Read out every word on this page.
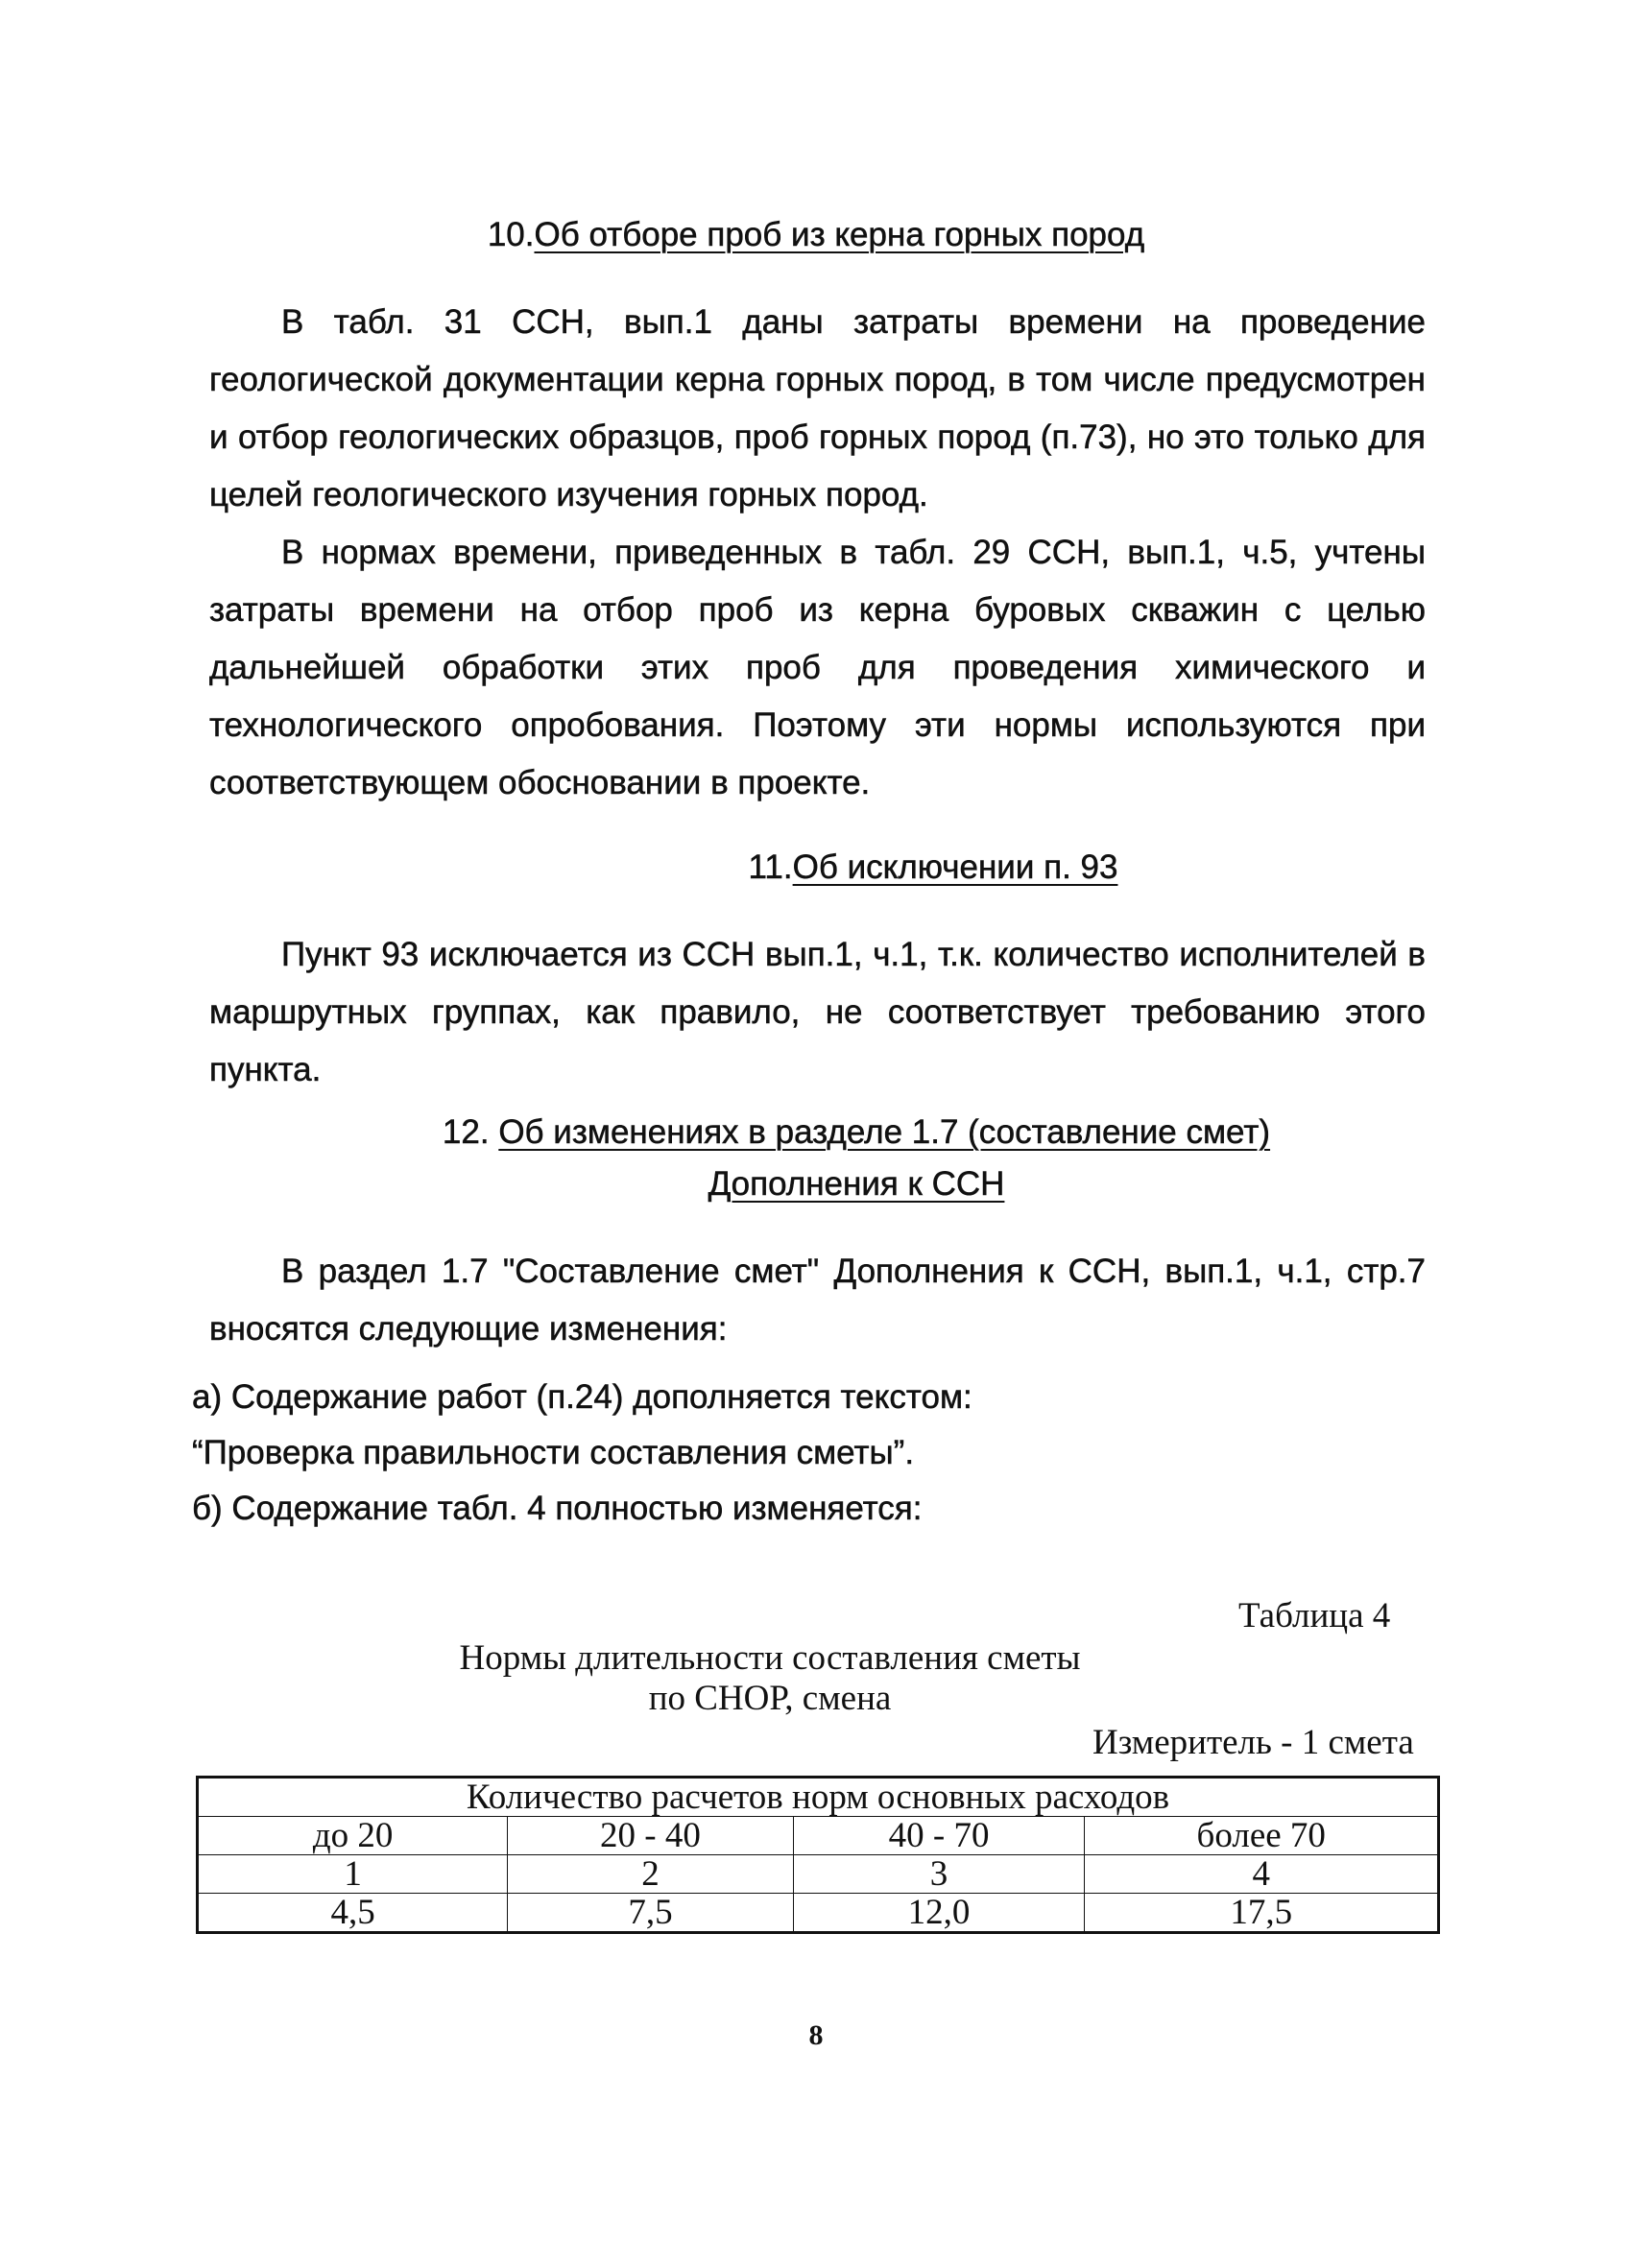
10.Об отборе проб из керна горных пород

В табл. 31 ССН, вып.1 даны затраты времени на проведение геологической документации керна горных пород, в том числе предусмотрен и отбор геологических образцов, проб горных пород (п.73), но это только для целей геологического изучения горных пород.

В нормах времени, приведенных в табл. 29 ССН, вып.1, ч.5, учтены затраты времени на отбор проб из керна буровых скважин с целью дальнейшей обработки этих проб для проведения химического и технологического опробования. Поэтому эти нормы используются при соответствующем обосновании в проекте.

11.Об исключении п. 93

Пункт 93 исключается из ССН вып.1, ч.1, т.к. количество исполнителей в маршрутных группах, как правило, не соответствует требованию этого пункта.

12. Об изменениях в разделе 1.7 (составление смет)
Дополнения к ССН

В раздел 1.7 "Составление смет" Дополнения к ССН, вып.1, ч.1, стр.7 вносятся следующие изменения:

а) Содержание работ (п.24) дополняется текстом:
“Проверка правильности составления сметы”.
б) Содержание табл. 4 полностью изменяется:
Таблица 4
Нормы длительности составления сметы
по СНОР, смена
Измеритель - 1 смета
Количество расчетов норм основных расходов			
до 20	20 - 40	40 - 70	более 70
1	2	3	4
4,5	7,5	12,0	17,5
8
